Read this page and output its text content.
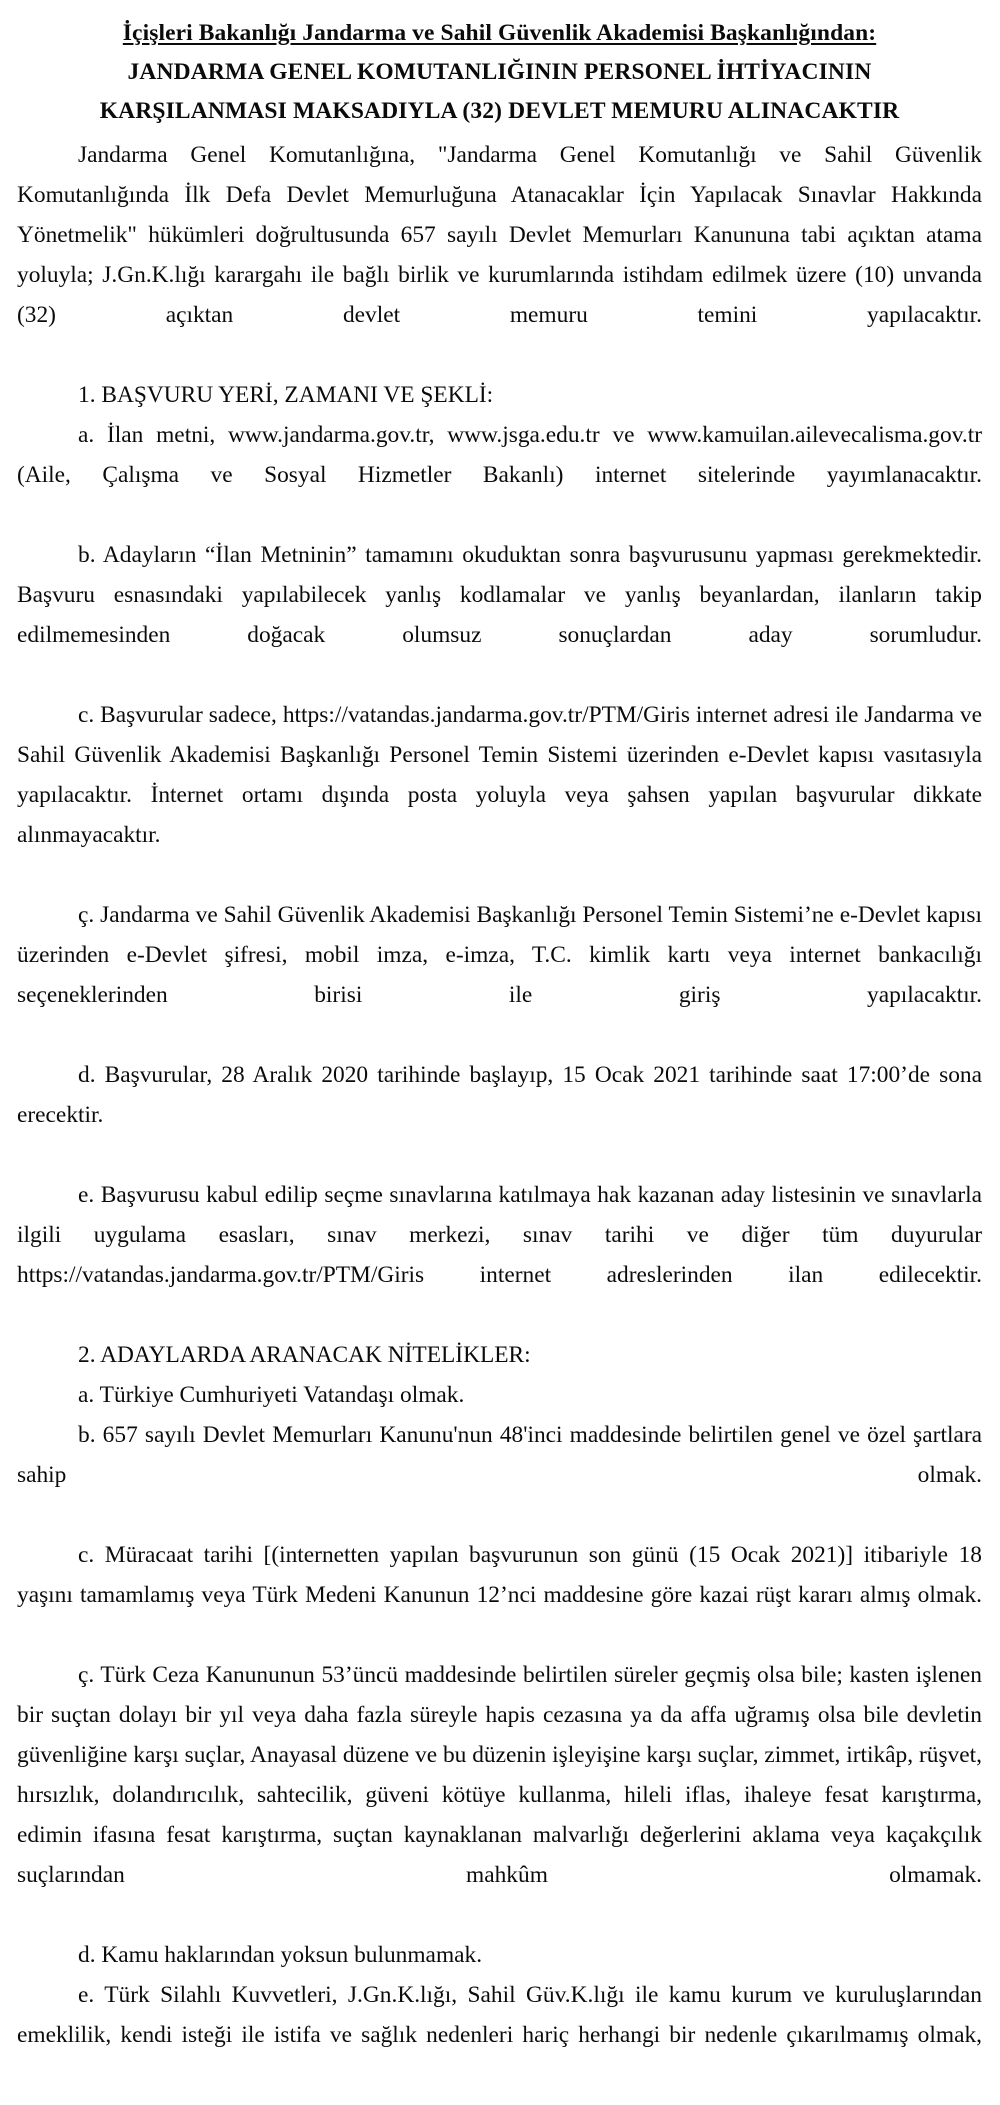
İçişleri Bakanlığı Jandarma ve Sahil Güvenlik Akademisi Başkanlığından:
JANDARMA GENEL KOMUTANLIĞININ PERSONEL İHTİYACININ
KARŞILANMASI MAKSADIYLA (32) DEVLET MEMURU ALINACAKTIR

Jandarma Genel Komutanlığına, "Jandarma Genel Komutanlığı ve Sahil Güvenlik Komutanlığında İlk Defa Devlet Memurluğuna Atanacaklar İçin Yapılacak Sınavlar Hakkında Yönetmelik" hükümleri doğrultusunda 657 sayılı Devlet Memurları Kanununa tabi açıktan atama yoluyla; J.Gn.K.lığı karargahı ile bağlı birlik ve kurumlarında istihdam edilmek üzere (10) unvanda (32) açıktan devlet memuru temini yapılacaktır.

1. BAŞVURU YERİ, ZAMANI VE ŞEKLİ:

a. İlan metni, www.jandarma.gov.tr, www.jsga.edu.tr ve www.kamuilan.ailevecalisma.gov.tr (Aile, Çalışma ve Sosyal Hizmetler Bakanlı) internet sitelerinde yayımlanacaktır.

b. Adayların “İlan Metninin” tamamını okuduktan sonra başvurusunu yapması gerekmektedir. Başvuru esnasındaki yapılabilecek yanlış kodlamalar ve yanlış beyanlardan, ilanların takip edilmemesinden doğacak olumsuz sonuçlardan aday sorumludur.

c. Başvurular sadece, https://vatandas.jandarma.gov.tr/PTM/Giris internet adresi ile Jandarma ve Sahil Güvenlik Akademisi Başkanlığı Personel Temin Sistemi üzerinden e-Devlet kapısı vasıtasıyla yapılacaktır. İnternet ortamı dışında posta yoluyla veya şahsen yapılan başvurular dikkate alınmayacaktır.

ç. Jandarma ve Sahil Güvenlik Akademisi Başkanlığı Personel Temin Sistemi’ne e-Devlet kapısı üzerinden e-Devlet şifresi, mobil imza, e-imza, T.C. kimlik kartı veya internet bankacılığı seçeneklerinden birisi ile giriş yapılacaktır.

d. Başvurular, 28 Aralık 2020 tarihinde başlayıp, 15 Ocak 2021 tarihinde saat 17:00’de sona erecektir.

e. Başvurusu kabul edilip seçme sınavlarına katılmaya hak kazanan aday listesinin ve sınavlarla ilgili uygulama esasları, sınav merkezi, sınav tarihi ve diğer tüm duyurular https://vatandas.jandarma.gov.tr/PTM/Giris internet adreslerinden ilan edilecektir.

2. ADAYLARDA ARANACAK NİTELİKLER:

a. Türkiye Cumhuriyeti Vatandaşı olmak.

b. 657 sayılı Devlet Memurları Kanunu'nun 48'inci maddesinde belirtilen genel ve özel şartlara sahip olmak.

c. Müracaat tarihi [(internetten yapılan başvurunun son günü (15 Ocak 2021)] itibariyle 18 yaşını tamamlamış veya Türk Medeni Kanunun 12’nci maddesine göre kazai rüşt kararı almış olmak.

ç. Türk Ceza Kanununun 53’üncü maddesinde belirtilen süreler geçmiş olsa bile; kasten işlenen bir suçtan dolayı bir yıl veya daha fazla süreyle hapis cezasına ya da affa uğramış olsa bile devletin güvenliğine karşı suçlar, Anayasal düzene ve bu düzenin işleyişine karşı suçlar, zimmet, irtikâp, rüşvet, hırsızlık, dolandırıcılık, sahtecilik, güveni kötüye kullanma, hileli iflas, ihaleye fesat karıştırma, edimin ifasına fesat karıştırma, suçtan kaynaklanan malvarlığı değerlerini aklama veya kaçakçılık suçlarından mahkûm olmamak.

d. Kamu haklarından yoksun bulunmamak.

e. Türk Silahlı Kuvvetleri, J.Gn.K.lığı, Sahil Güv.K.lığı ile kamu kurum ve kuruluşlarından emeklilik, kendi isteği ile istifa ve sağlık nedenleri hariç herhangi bir nedenle çıkarılmamış olmak,
